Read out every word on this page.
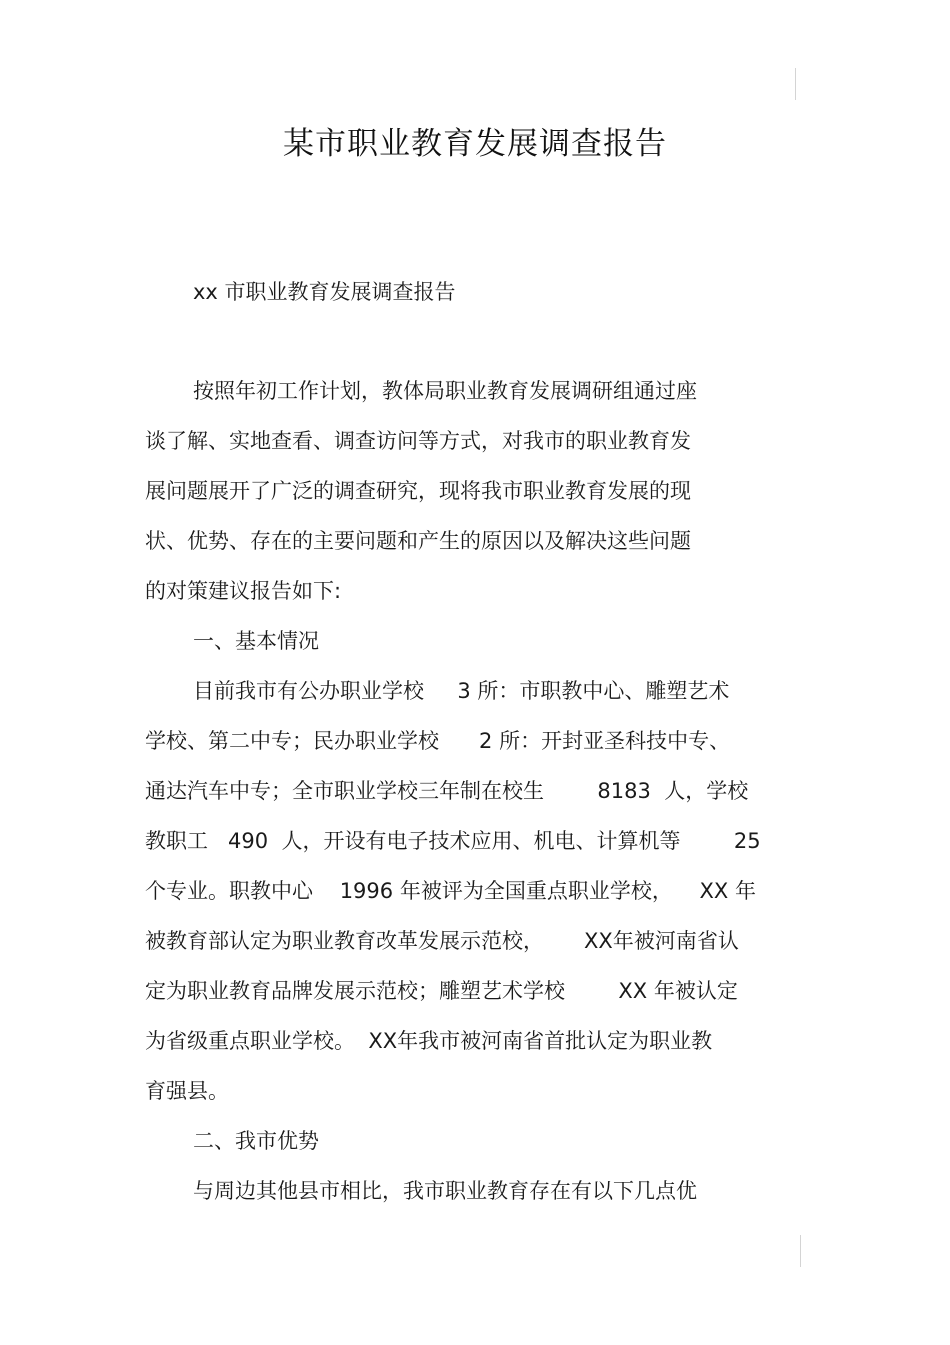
某市职业教育发展调查报告
xx 市职业教育发展调查报告
按照年初工作计划，教体局职业教育发展调研组通过座
谈了解、实地查看、调查访问等方式，对我市的职业教育发
展问题展开了广泛的调查研究，现将我市职业教育发展的现
状、优势、存在的主要问题和产生的原因以及解决这些问题
的对策建议报告如下:
一、基本情况
目前我市有公办职业学校     3 所：市职教中心、雕塑艺术
学校、第二中专；民办职业学校      2 所：开封亚圣科技中专、
通达汽车中专；全市职业学校三年制在校生        8183  人，学校
教职工   490  人，开设有电子技术应用、机电、计算机等        25
个专业。职教中心    1996 年被评为全国重点职业学校，    XX 年
被教育部认定为职业教育改革发展示范校，      XX年被河南省认
定为职业教育品牌发展示范校；雕塑艺术学校        XX 年被认定
为省级重点职业学校。  XX年我市被河南省首批认定为职业教
育强县。
二、我市优势
与周边其他县市相比，我市职业教育存在有以下几点优
